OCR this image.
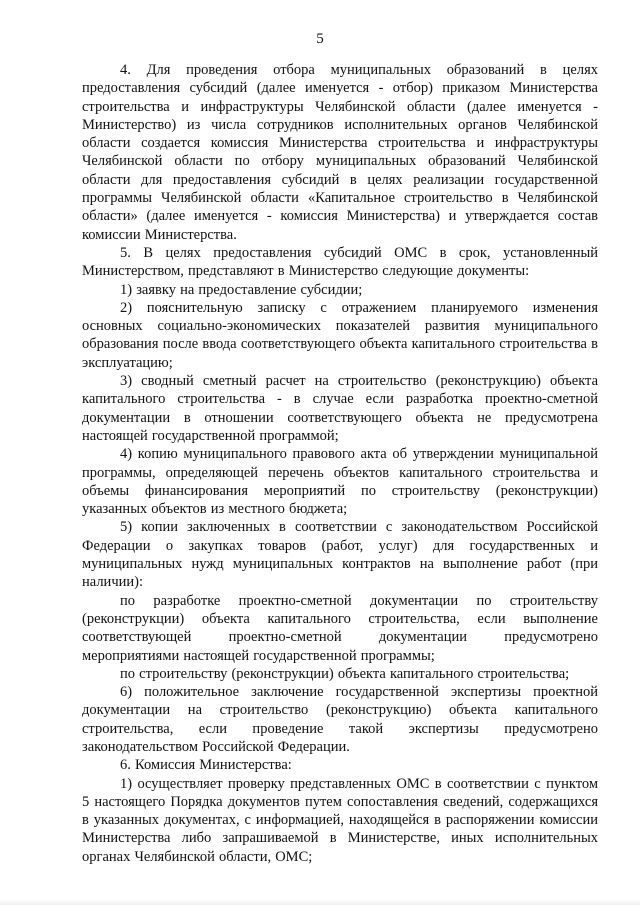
5

4. Для проведения отбора муниципальных образований в целях предоставления субсидий (далее именуется - отбор) приказом Министерства строительства и инфраструктуры Челябинской области (далее именуется - Министерство) из числа сотрудников исполнительных органов Челябинской области создается комиссия Министерства строительства и инфраструктуры Челябинской области по отбору муниципальных образований Челябинской области для предоставления субсидий в целях реализации государственной программы Челябинской области «Капитальное строительство в Челябинской области» (далее именуется - комиссия Министерства) и утверждается состав комиссии Министерства.

5. В целях предоставления субсидий ОМС в срок, установленный Министерством, представляют в Министерство следующие документы:

1) заявку на предоставление субсидии;

2) пояснительную записку с отражением планируемого изменения основных социально-экономических показателей развития муниципального образования после ввода соответствующего объекта капитального строительства в эксплуатацию;

3) сводный сметный расчет на строительство (реконструкцию) объекта капитального строительства - в случае если разработка проектно-сметной документации в отношении соответствующего объекта не предусмотрена настоящей государственной программой;

4) копию муниципального правового акта об утверждении муниципальной программы, определяющей перечень объектов капитального строительства и объемы финансирования мероприятий по строительству (реконструкции) указанных объектов из местного бюджета;

5) копии заключенных в соответствии с законодательством Российской Федерации о закупках товаров (работ, услуг) для государственных и муниципальных нужд муниципальных контрактов на выполнение работ (при наличии):

по разработке проектно-сметной документации по строительству (реконструкции) объекта капитального строительства, если выполнение соответствующей проектно-сметной документации предусмотрено мероприятиями настоящей государственной программы;

по строительству (реконструкции) объекта капитального строительства;

6) положительное заключение государственной экспертизы проектной документации на строительство (реконструкцию) объекта капитального строительства, если проведение такой экспертизы предусмотрено законодательством Российской Федерации.

6. Комиссия Министерства:

1) осуществляет проверку представленных ОМС в соответствии с пунктом 5 настоящего Порядка документов путем сопоставления сведений, содержащихся в указанных документах, с информацией, находящейся в распоряжении комиссии Министерства либо запрашиваемой в Министерстве, иных исполнительных органах Челябинской области, ОМС;
